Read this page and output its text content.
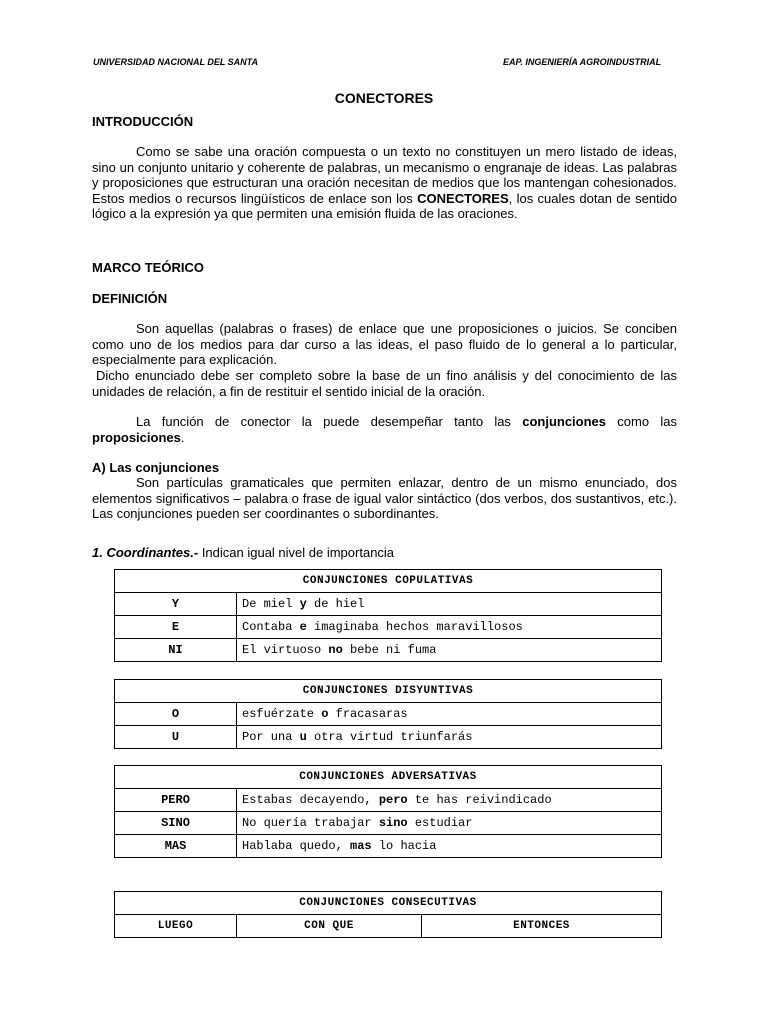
UNIVERSIDAD NACIONAL DEL SANTA	EAP. INGENIERÍA AGROINDUSTRIAL
CONECTORES
INTRODUCCIÓN
Como se sabe una oración compuesta o un texto no constituyen un mero listado de ideas, sino un conjunto unitario y coherente de palabras, un mecanismo o engranaje de ideas. Las palabras y proposiciones que estructuran una oración necesitan de medios que los mantengan cohesionados. Estos medios o recursos lingüísticos de enlace son los CONECTORES, los cuales dotan de sentido lógico a la expresión ya que permiten una emisión fluida de las oraciones.
MARCO TEÓRICO
DEFINICIÓN
Son aquellas (palabras o frases) de enlace que une proposiciones o juicios. Se conciben como uno de los medios para dar curso a las ideas, el paso fluido de lo general a lo particular, especialmente para explicación.
Dicho enunciado debe ser completo sobre la base de un fino análisis y del conocimiento de las unidades de relación, a fin de restituir el sentido inicial de la oración.
La función de conector la puede desempeñar tanto las conjunciones como las proposiciones.
A) Las conjunciones
Son partículas gramaticales que permiten enlazar, dentro de un mismo enunciado, dos elementos significativos – palabra o frase de igual valor sintáctico (dos verbos, dos sustantivos, etc.). Las conjunciones pueden ser coordinantes o subordinantes.
1. Coordinantes.- Indican igual nivel de importancia
CONJUNCIONES COPULATIVAS	
Y	De miel y de hiel
E	Contaba e imaginaba hechos maravillosos
NI	El virtuoso no bebe ni fuma
CONJUNCIONES DISYUNTIVAS	
O	esfuérzate o fracasaras
U	Por una u otra virtud triunfarás
CONJUNCIONES ADVERSATIVAS	
PERO	Estabas decayendo, pero te has reivindicado
SINO	No quería trabajar sino estudiar
MAS	Hablaba quedo, mas lo hacia
CONJUNCIONES CONSECUTIVAS
LUEGO	CON QUE	ENTONCES
